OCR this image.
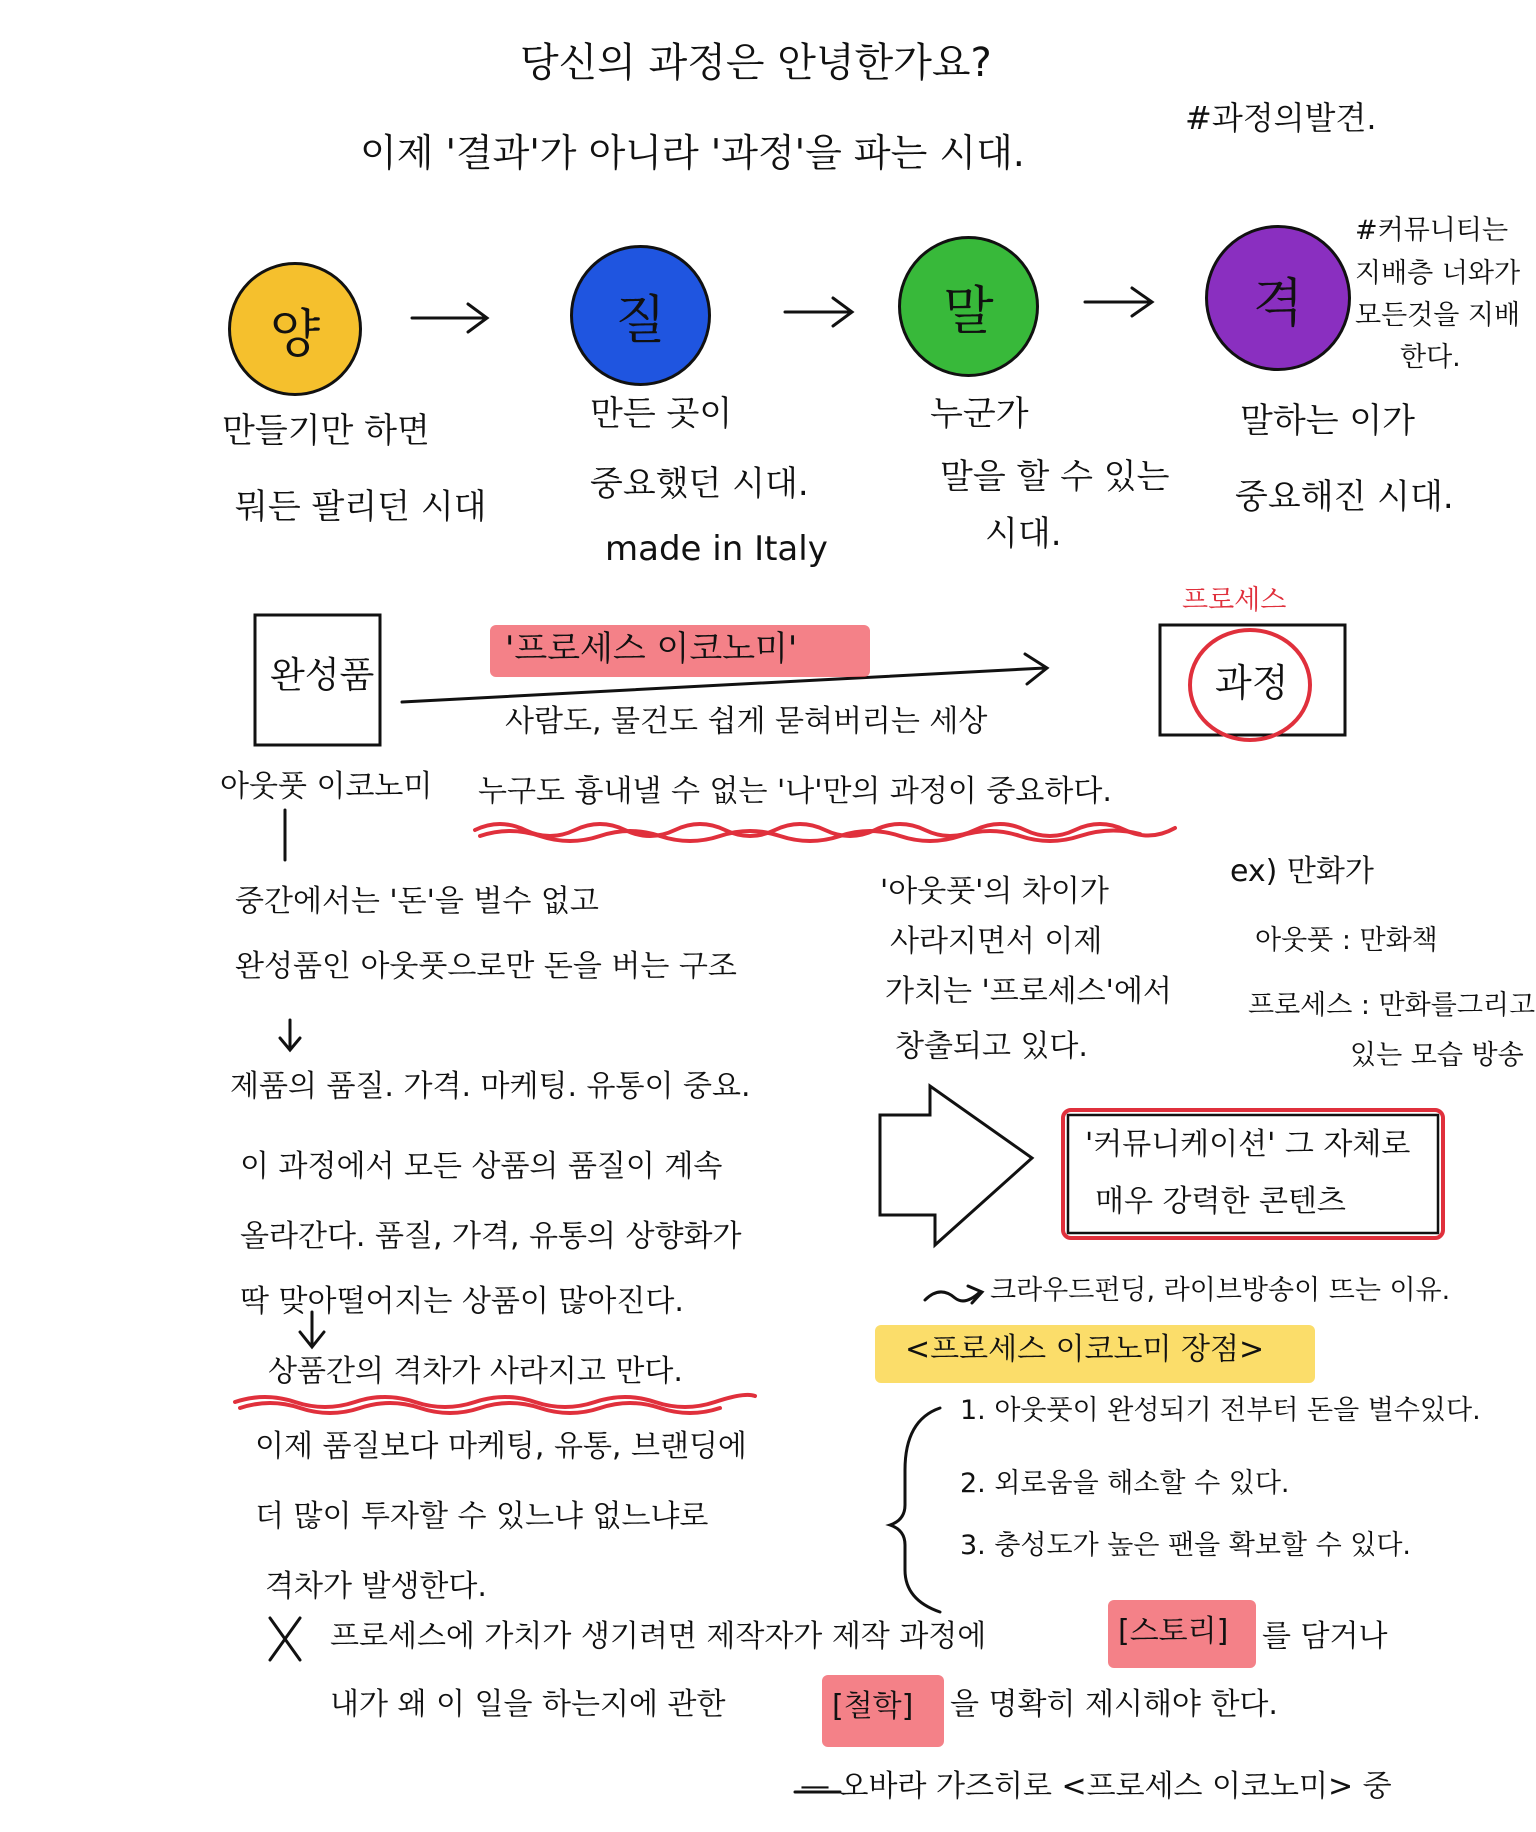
당신의 과정은 안녕한가요?
이제 '결과'가 아니라 '과정'을 파는 시대.
#과정의발견.
양	질	말	격
만들기만 하면
뭐든 팔리던 시대
만든 곳이
중요했던 시대.
made in Italy
누군가
말을 할 수 있는
시대.
말하는 이가
중요해진 시대.
#커뮤니티는
지배층 너와가
모든것을 지배
한다.
완성품	과정
프로세스
'프로세스 이코노미'
사람도, 물건도 쉽게 묻혀버리는 세상
누구도 흉내낼 수 없는 '나'만의 과정이 중요하다.
아웃풋 이코노미
중간에서는 '돈'을 벌수 없고
완성품인 아웃풋으로만 돈을 버는 구조
제품의 품질. 가격. 마케팅. 유통이 중요.
이 과정에서 모든 상품의 품질이 계속
올라간다. 품질, 가격, 유통의 상향화가
딱 맞아떨어지는 상품이 많아진다.
상품간의 격차가 사라지고 만다.
이제 품질보다 마케팅, 유통, 브랜딩에
더 많이 투자할 수 있느냐 없느냐로
격차가 발생한다.
'아웃풋'의 차이가
사라지면서 이제
가치는 '프로세스'에서
창출되고 있다.
ex) 만화가
아웃풋 : 만화책
프로세스 : 만화를그리고
있는 모습 방송
'커뮤니케이션' 그 자체로
매우 강력한 콘텐츠
크라우드펀딩, 라이브방송이 뜨는 이유.
<프로세스 이코노미 장점>
1. 아웃풋이 완성되기 전부터 돈을 벌수있다.
2. 외로움을 해소할 수 있다.
3. 충성도가 높은 팬을 확보할 수 있다.
프로세스에 가치가 생기려면 제작자가 제작 과정에	[스토리] 를 담거나
내가 왜 이 일을 하는지에 관한	[철학] 을 명확히 제시해야 한다.
— 오바라 가즈히로 <프로세스 이코노미> 중
